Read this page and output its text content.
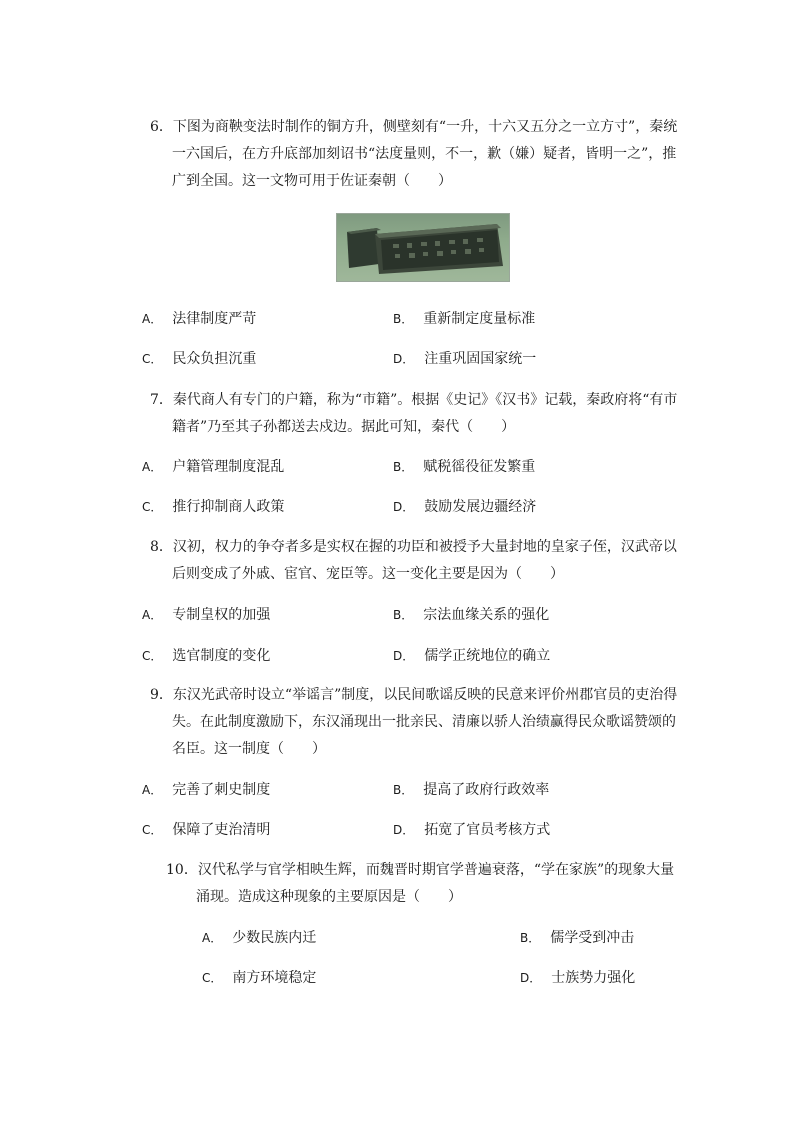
6．下图为商鞅变法时制作的铜方升，侧壁刻有“一升，十六又五分之一立方寸”，秦统一六国后，在方升底部加刻诏书“法度量则，不一，歉（嫌）疑者，皆明一之”，推广到全国。这一文物可用于佐证秦朝（　　）
A． 法律制度严苛	B． 重新制定度量标准
C． 民众负担沉重	D． 注重巩固国家统一
7．秦代商人有专门的户籍，称为“市籍”。根据《史记》《汉书》记载，秦政府将“有市籍者”乃至其子孙都送去戍边。据此可知，秦代（　　）
A． 户籍管理制度混乱	B． 赋税徭役征发繁重
C． 推行抑制商人政策	D． 鼓励发展边疆经济
8．汉初，权力的争夺者多是实权在握的功臣和被授予大量封地的皇家子侄，汉武帝以后则变成了外戚、宦官、宠臣等。这一变化主要是因为（　　）
A． 专制皇权的加强	B． 宗法血缘关系的强化
C． 选官制度的变化	D． 儒学正统地位的确立
9．东汉光武帝时设立“举谣言”制度，以民间歌谣反映的民意来评价州郡官员的吏治得失。在此制度激励下，东汉涌现出一批亲民、清廉以骄人治绩赢得民众歌谣赞颂的名臣。这一制度（　　）
A． 完善了刺史制度	B． 提高了政府行政效率
C． 保障了吏治清明	D． 拓宽了官员考核方式
10．汉代私学与官学相映生辉，而魏晋时期官学普遍衰落，“学在家族”的现象大量涌现。造成这种现象的主要原因是（　　）
A． 少数民族内迁	B． 儒学受到冲击
C． 南方环境稳定	D． 士族势力强化
